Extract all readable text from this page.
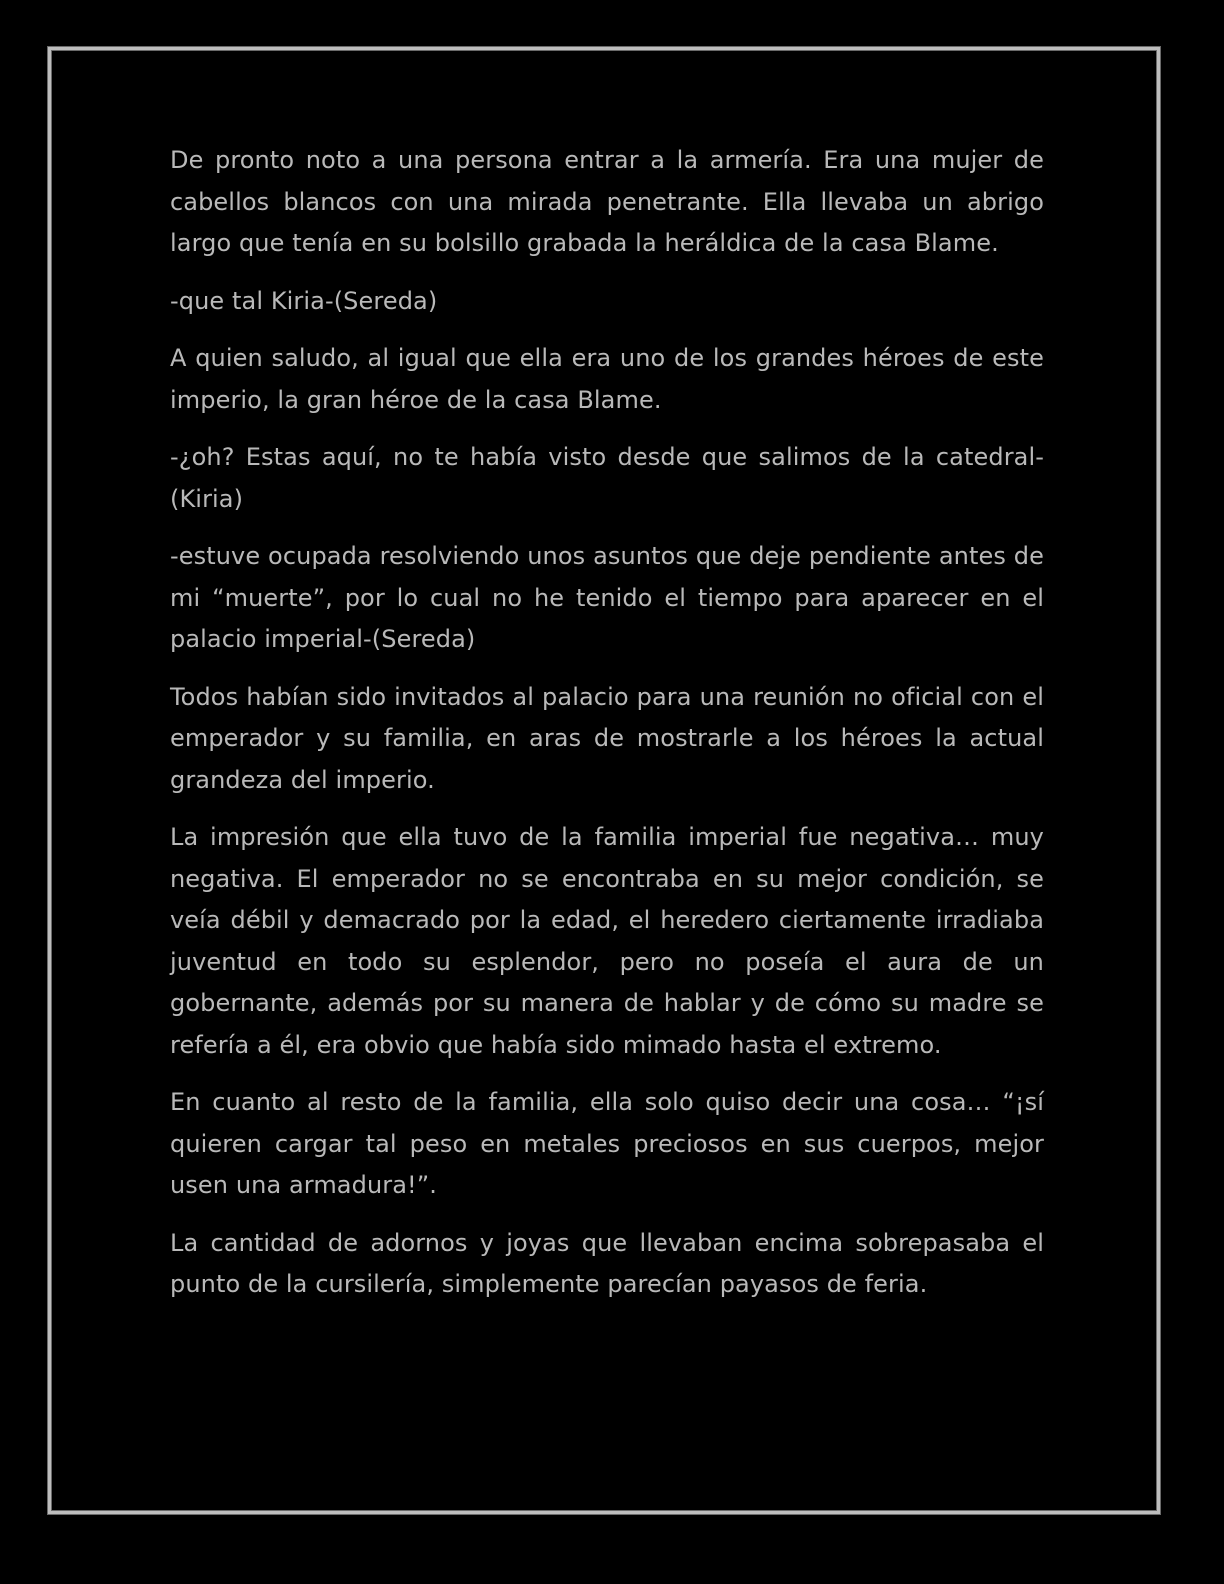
De pronto noto a una persona entrar a la armería. Era una mujer de cabellos blancos con una mirada penetrante. Ella llevaba un abrigo largo que tenía en su bolsillo grabada la heráldica de la casa Blame.

-que tal Kiria-(Sereda)

A quien saludo, al igual que ella era uno de los grandes héroes de este imperio, la gran héroe de la casa Blame.

-¿oh? Estas aquí, no te había visto desde que salimos de la catedral-(Kiria)

-estuve ocupada resolviendo unos asuntos que deje pendiente antes de mi “muerte”, por lo cual no he tenido el tiempo para aparecer en el palacio imperial-(Sereda)

Todos habían sido invitados al palacio para una reunión no oficial con el emperador y su familia, en aras de mostrarle a los héroes la actual grandeza del imperio.

La impresión que ella tuvo de la familia imperial fue negativa… muy negativa. El emperador no se encontraba en su mejor condición, se veía débil y demacrado por la edad, el heredero ciertamente irradiaba juventud en todo su esplendor, pero no poseía el aura de un gobernante, además por su manera de hablar y de cómo su madre se refería a él, era obvio que había sido mimado hasta el extremo.

En cuanto al resto de la familia, ella solo quiso decir una cosa… “¡sí quieren cargar tal peso en metales preciosos en sus cuerpos, mejor usen una armadura!”.

La cantidad de adornos y joyas que llevaban encima sobrepasaba el punto de la cursilería, simplemente parecían payasos de feria.
